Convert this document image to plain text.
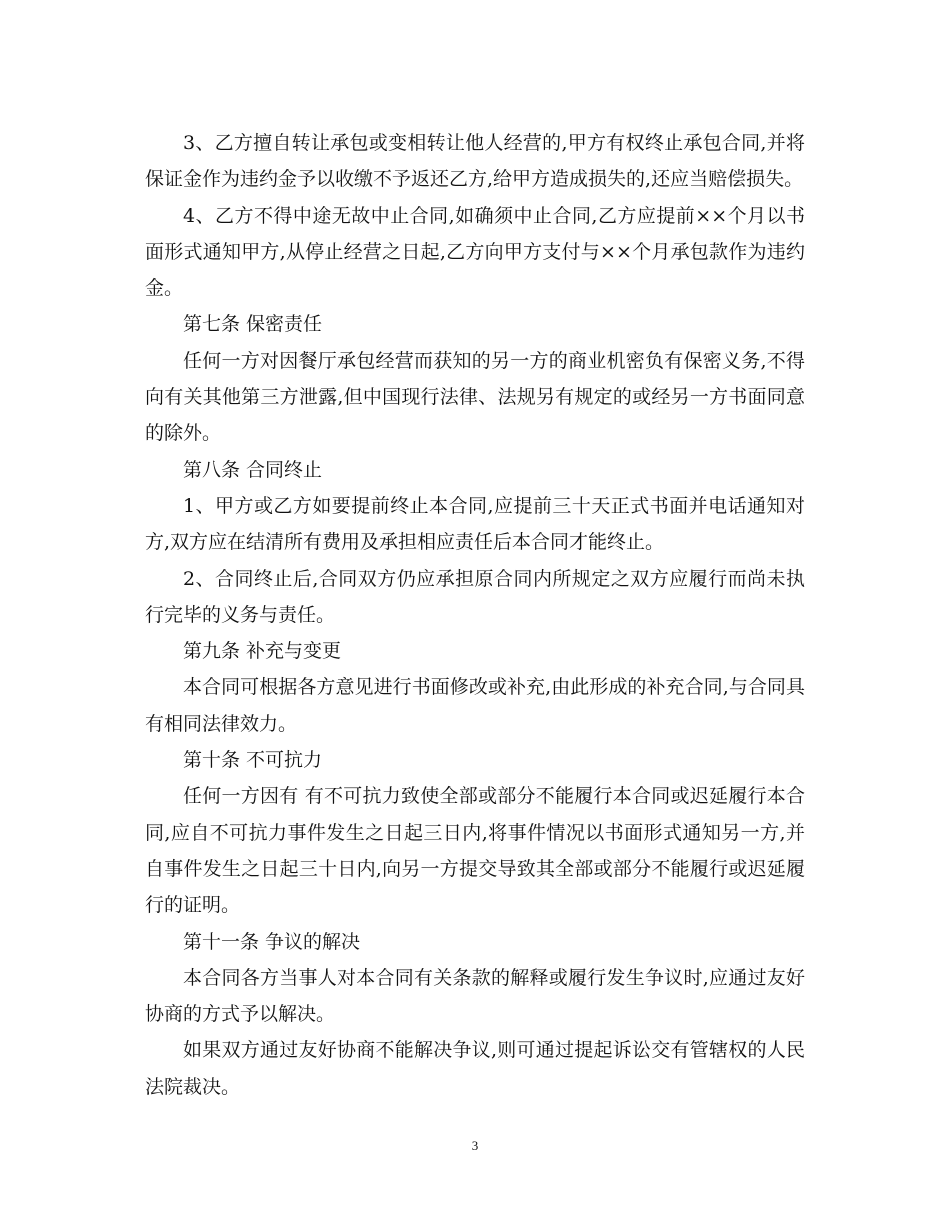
3、乙方擅自转让承包或变相转让他人经营的,甲方有权终止承包合同,并将保证金作为违约金予以收缴不予返还乙方,给甲方造成损失的,还应当赔偿损失。

4、乙方不得中途无故中止合同,如确须中止合同,乙方应提前××个月以书面形式通知甲方,从停止经营之日起,乙方向甲方支付与××个月承包款作为违约金。

第七条 保密责任

任何一方对因餐厅承包经营而获知的另一方的商业机密负有保密义务,不得向有关其他第三方泄露,但中国现行法律、法规另有规定的或经另一方书面同意的除外。

第八条 合同终止

1、甲方或乙方如要提前终止本合同,应提前三十天正式书面并电话通知对方,双方应在结清所有费用及承担相应责任后本合同才能终止。

2、合同终止后,合同双方仍应承担原合同内所规定之双方应履行而尚未执行完毕的义务与责任。

第九条 补充与变更

本合同可根据各方意见进行书面修改或补充,由此形成的补充合同,与合同具有相同法律效力。

第十条 不可抗力

任何一方因有 有不可抗力致使全部或部分不能履行本合同或迟延履行本合同,应自不可抗力事件发生之日起三日内,将事件情况以书面形式通知另一方,并自事件发生之日起三十日内,向另一方提交导致其全部或部分不能履行或迟延履行的证明。

第十一条 争议的解决

本合同各方当事人对本合同有关条款的解释或履行发生争议时,应通过友好协商的方式予以解决。

如果双方通过友好协商不能解决争议,则可通过提起诉讼交有管辖权的人民法院裁决。

3
